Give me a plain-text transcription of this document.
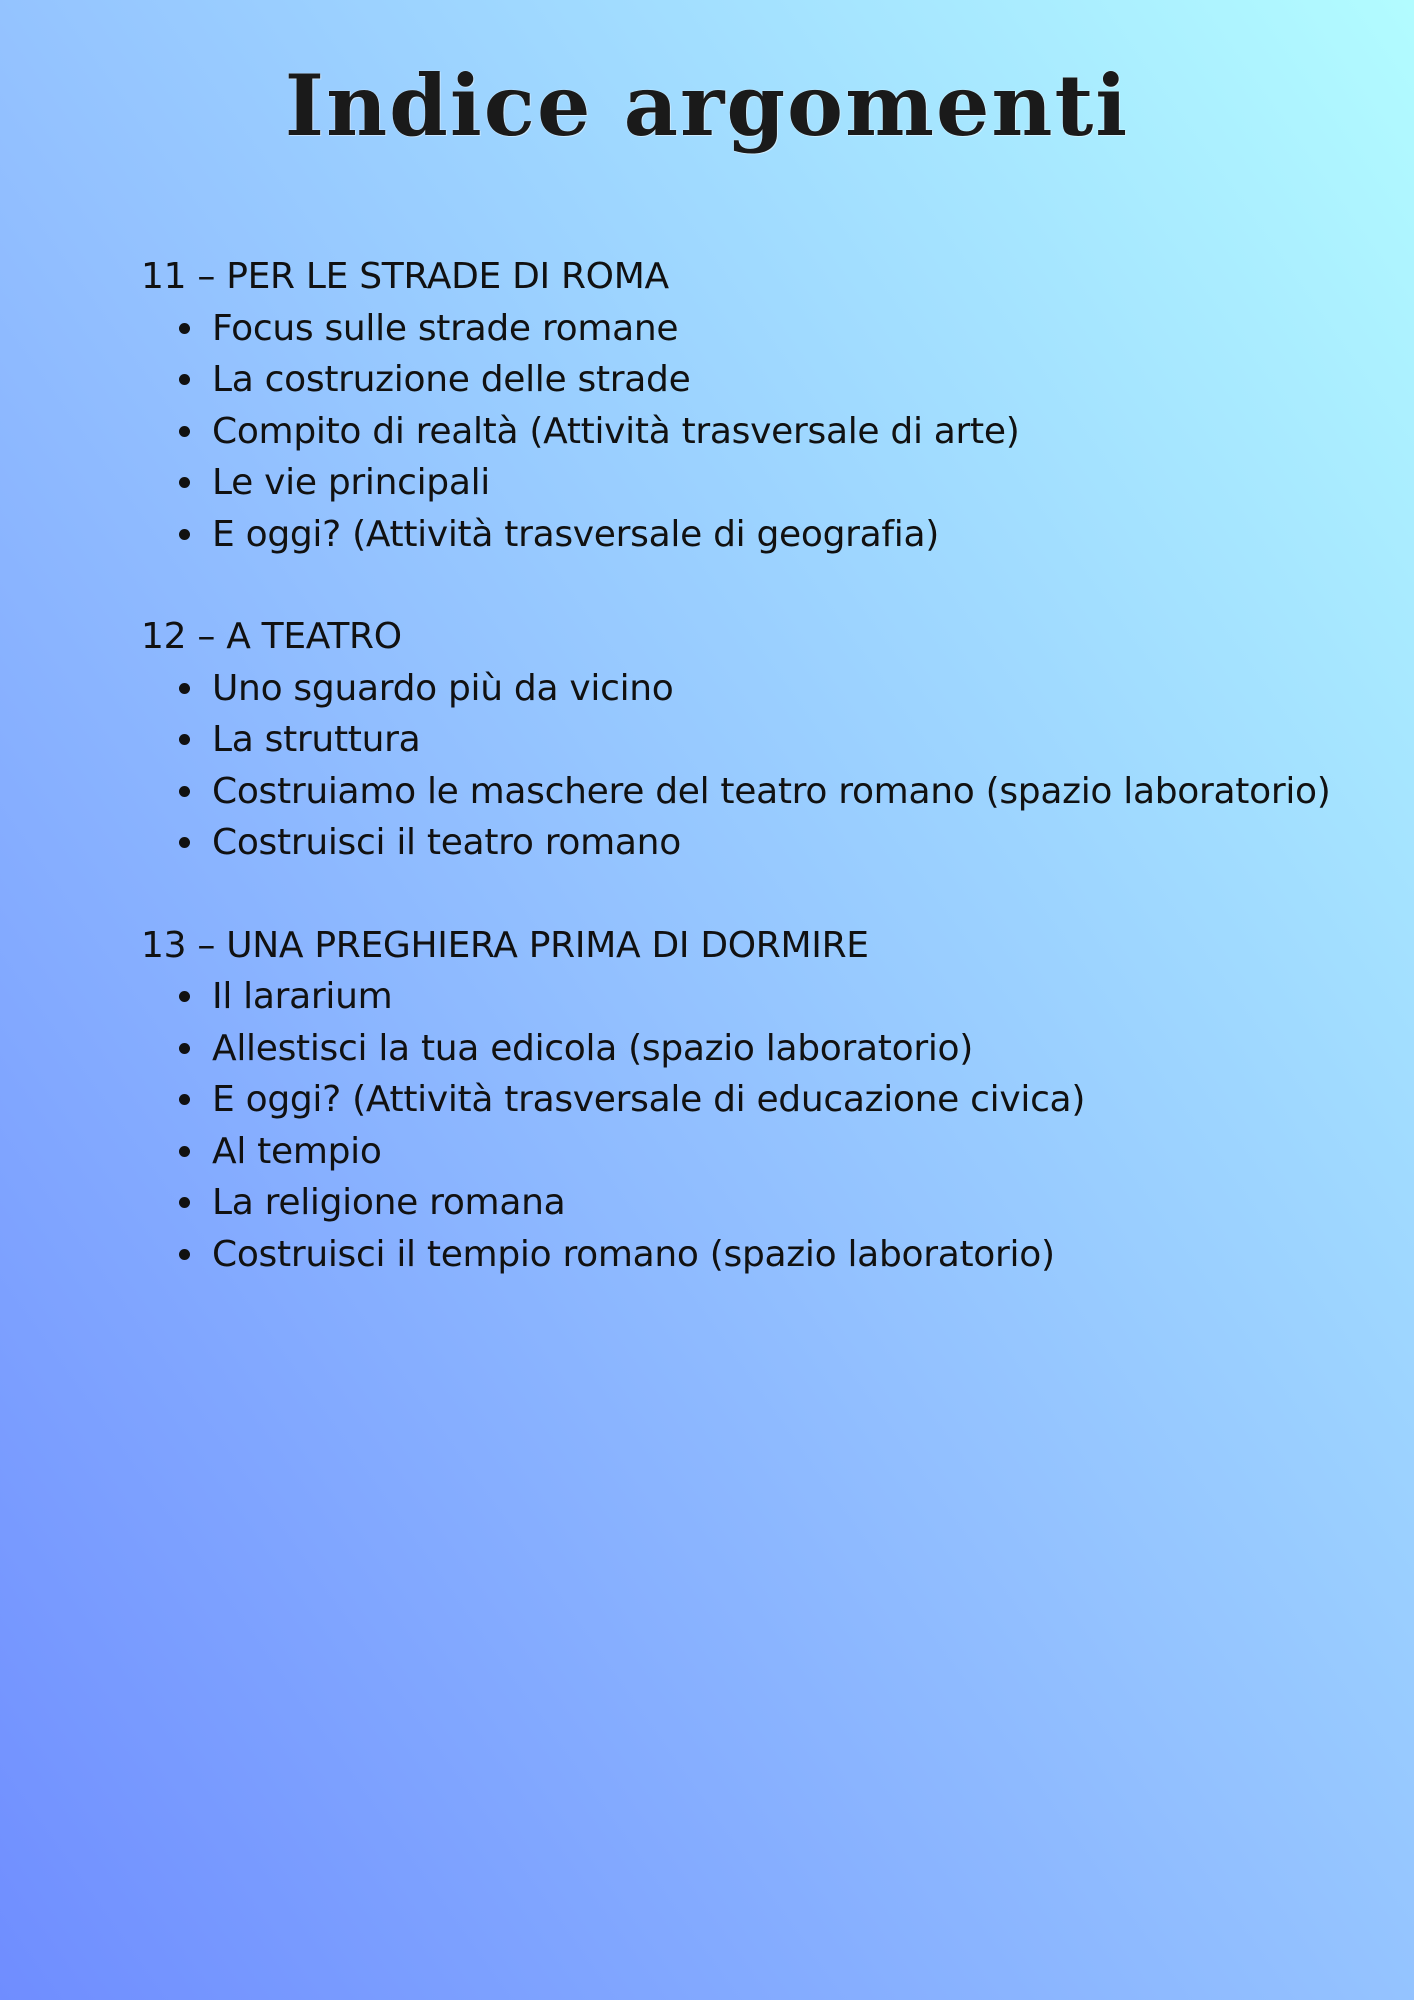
Indice argomenti
11 – PER LE STRADE DI ROMA
Focus sulle strade romane
La costruzione delle strade
Compito di realtà (Attività trasversale di arte)
Le vie principali
E oggi? (Attività trasversale di geografia)
12 – A TEATRO
Uno sguardo più da vicino
La struttura
Costruiamo le maschere del teatro romano (spazio laboratorio)
Costruisci il teatro romano
13 – UNA PREGHIERA PRIMA DI DORMIRE
Il lararium
Allestisci la tua edicola (spazio laboratorio)
E oggi? (Attività trasversale di educazione civica)
Al tempio
La religione romana
Costruisci il tempio romano (spazio laboratorio)
